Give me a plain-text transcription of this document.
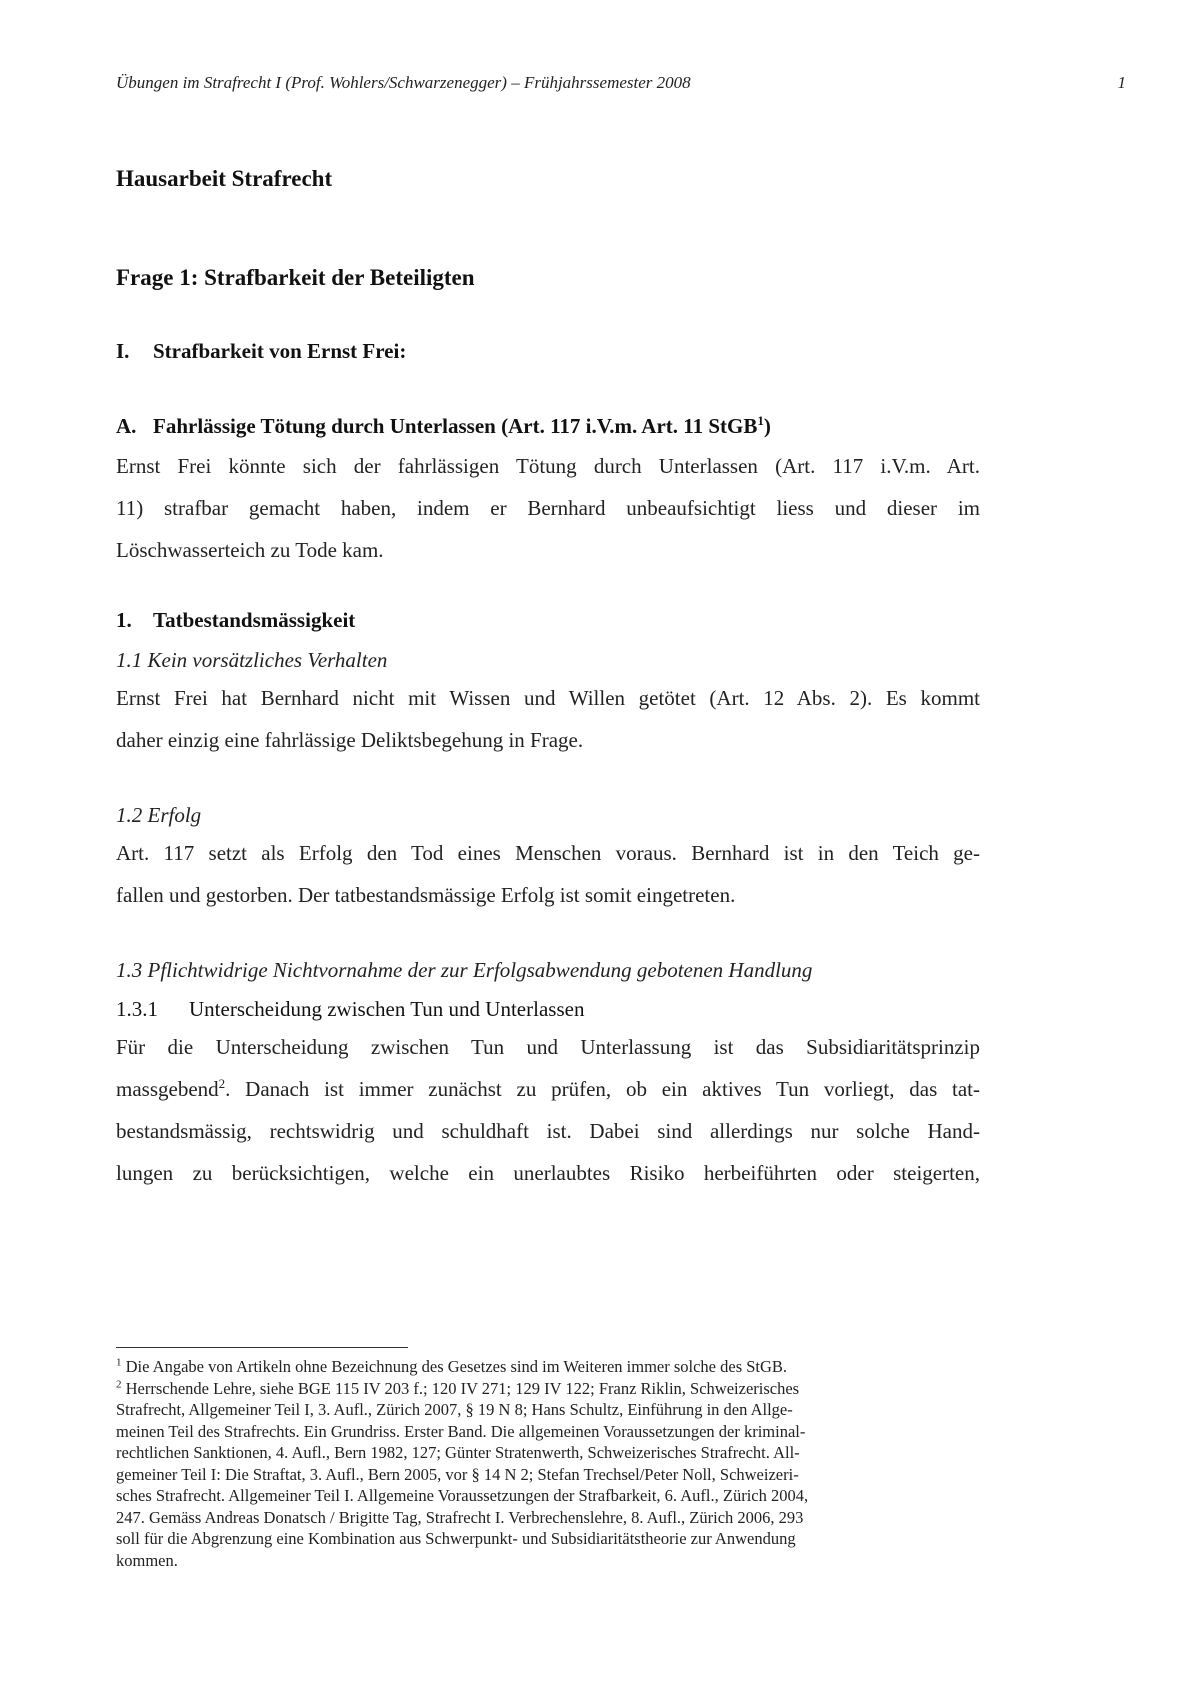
Übungen im Strafrecht I (Prof. Wohlers/Schwarzenegger) – Frühjahrssemester 2008	1
Hausarbeit Strafrecht
Frage 1: Strafbarkeit der Beteiligten
I. Strafbarkeit von Ernst Frei:
A. Fahrlässige Tötung durch Unterlassen (Art. 117 i.V.m. Art. 11 StGB$^1$)
Ernst Frei könnte sich der fahrlässigen Tötung durch Unterlassen (Art. 117 i.V.m. Art.
11) strafbar gemacht haben, indem er Bernhard unbeaufsichtigt liess und dieser im
Löschwasserteich zu Tode kam.
1. Tatbestandsmässigkeit
1.1 Kein vorsätzliches Verhalten
Ernst Frei hat Bernhard nicht mit Wissen und Willen getötet (Art. 12 Abs. 2). Es kommt
daher einzig eine fahrlässige Deliktsbegehung in Frage.
1.2 Erfolg
Art. 117 setzt als Erfolg den Tod eines Menschen voraus. Bernhard ist in den Teich ge-
fallen und gestorben. Der tatbestandsmässige Erfolg ist somit eingetreten.
1.3 Pflichtwidrige Nichtvornahme der zur Erfolgsabwendung gebotenen Handlung
1.3.1 Unterscheidung zwischen Tun und Unterlassen
Für die Unterscheidung zwischen Tun und Unterlassung ist das Subsidiaritätsprinzip
massgebend$^2$. Danach ist immer zunächst zu prüfen, ob ein aktives Tun vorliegt, das tat-
bestandsmässig, rechtswidrig und schuldhaft ist. Dabei sind allerdings nur solche Hand-
lungen zu berücksichtigen, welche ein unerlaubtes Risiko herbeiführten oder steigerten,
$^1$ Die Angabe von Artikeln ohne Bezeichnung des Gesetzes sind im Weiteren immer solche des StGB.
$^2$ Herrschende Lehre, siehe BGE 115 IV 203 f.; 120 IV 271; 129 IV 122; Franz Riklin, Schweizerisches
Strafrecht, Allgemeiner Teil I, 3. Aufl., Zürich 2007, § 19 N 8; Hans Schultz, Einführung in den Allge-
meinen Teil des Strafrechts. Ein Grundriss. Erster Band. Die allgemeinen Voraussetzungen der kriminal-
rechtlichen Sanktionen, 4. Aufl., Bern 1982, 127; Günter Stratenwerth, Schweizerisches Strafrecht. All-
gemeiner Teil I: Die Straftat, 3. Aufl., Bern 2005, vor § 14 N 2; Stefan Trechsel/Peter Noll, Schweizeri-
sches Strafrecht. Allgemeiner Teil I. Allgemeine Voraussetzungen der Strafbarkeit, 6. Aufl., Zürich 2004,
247. Gemäss Andreas Donatsch / Brigitte Tag, Strafrecht I. Verbrechenslehre, 8. Aufl., Zürich 2006, 293
soll für die Abgrenzung eine Kombination aus Schwerpunkt- und Subsidiaritätstheorie zur Anwendung
kommen.
